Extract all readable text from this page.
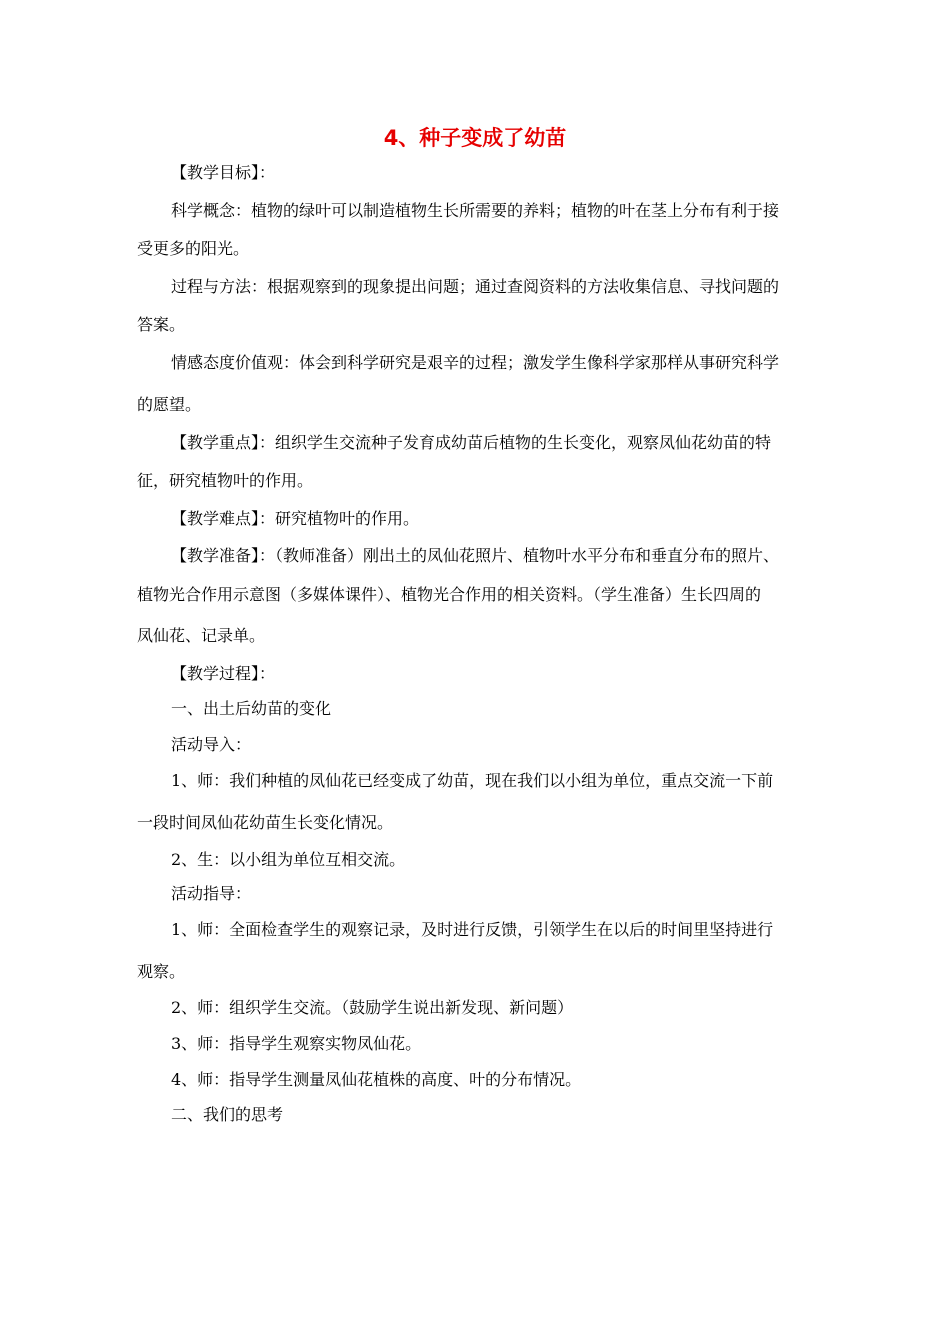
4、种子变成了幼苗
【教学目标】：
科学概念：植物的绿叶可以制造植物生长所需要的养料；植物的叶在茎上分布有利于接
受更多的阳光。
过程与方法：根据观察到的现象提出问题；通过查阅资料的方法收集信息、寻找问题的
答案。
情感态度价值观：体会到科学研究是艰辛的过程；激发学生像科学家那样从事研究科学
的愿望。
【教学重点】：组织学生交流种子发育成幼苗后植物的生长变化，观察凤仙花幼苗的特
征，研究植物叶的作用。
【教学难点】：研究植物叶的作用。
【教学准备】：（教师准备）刚出土的凤仙花照片、植物叶水平分布和垂直分布的照片、
植物光合作用示意图（多媒体课件）、植物光合作用的相关资料。（学生准备）生长四周的
凤仙花、记录单。
【教学过程】：
一、出土后幼苗的变化
活动导入：
1、师：我们种植的凤仙花已经变成了幼苗，现在我们以小组为单位，重点交流一下前
一段时间凤仙花幼苗生长变化情况。
2、生：以小组为单位互相交流。
活动指导：
1、师：全面检查学生的观察记录，及时进行反馈，引领学生在以后的时间里坚持进行
观察。
2、师：组织学生交流。（鼓励学生说出新发现、新问题）
3、师：指导学生观察实物凤仙花。
4、师：指导学生测量凤仙花植株的高度、叶的分布情况。
二、我们的思考
